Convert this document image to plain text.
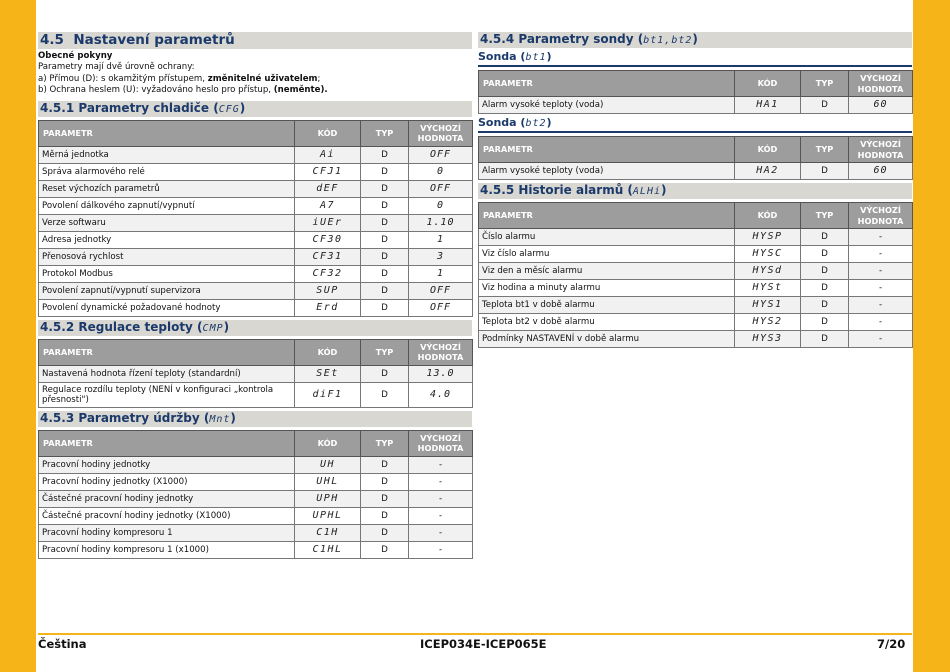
4.5 Nastavení parametrů
Obecné pokyny
Parametry mají dvě úrovně ochrany:
a) Přímou (D): s okamžitým přístupem, změnitelné uživatelem;
b) Ochrana heslem (U): vyžadováno heslo pro přístup, (neměnte).
4.5.1 Parametry chladiče (CFG)
PARAMETR	KÓD	TYP	VÝCHOZÍ
HODNOTA
Měrná jednotka	Ai	D	OFF
Správa alarmového relé	CFJ1	D	0
Reset výchozích parametrů	dEF	D	OFF
Povolení dálkového zapnutí/vypnutí	A7	D	0
Verze softwaru	iUEr	D	1.10
Adresa jednotky	CF30	D	1
Přenosová rychlost	CF31	D	3
Protokol Modbus	CF32	D	1
Povolení zapnutí/vypnutí supervizora	SUP	D	OFF
Povolení dynamické požadované hodnoty	Erd	D	OFF
4.5.2 Regulace teploty (CMP)
PARAMETR	KÓD	TYP	VÝCHOZÍ
HODNOTA
Nastavená hodnota řízení teploty (standardní)	SEt	D	13.0
Regulace rozdílu teploty (NENÍ v konfiguraci „kontrola přesnosti")	diF1	D	4.0
4.5.3 Parametry údržby (Mnt)
PARAMETR	KÓD	TYP	VÝCHOZÍ
HODNOTA
Pracovní hodiny jednotky	UH	D	-
Pracovní hodiny jednotky (X1000)	UHL	D	-
Částečné pracovní hodiny jednotky	UPH	D	-
Částečné pracovní hodiny jednotky (X1000)	UPHL	D	-
Pracovní hodiny kompresoru 1	C1H	D	-
Pracovní hodiny kompresoru 1 (x1000)	C1HL	D	-
4.5.4 Parametry sondy (bt1,bt2)
Sonda (bt1)
PARAMETR	KÓD	TYP	VÝCHOZÍ
HODNOTA
Alarm vysoké teploty (voda)	HA1	D	60
Sonda (bt2)
PARAMETR	KÓD	TYP	VÝCHOZÍ
HODNOTA
Alarm vysoké teploty (voda)	HA2	D	60
4.5.5 Historie alarmů (ALHi)
PARAMETR	KÓD	TYP	VÝCHOZÍ
HODNOTA
Číslo alarmu	HYSP	D	-
Viz číslo alarmu	HYSC	D	-
Viz den a měsíc alarmu	HYSd	D	-
Viz hodina a minuty alarmu	HYSt	D	-
Teplota bt1 v době alarmu	HYS1	D	-
Teplota bt2 v době alarmu	HYS2	D	-
Podmínky NASTAVENÍ v době alarmu	HYS3	D	-
Čeština	ICEP034E-ICEP065E	7/20
